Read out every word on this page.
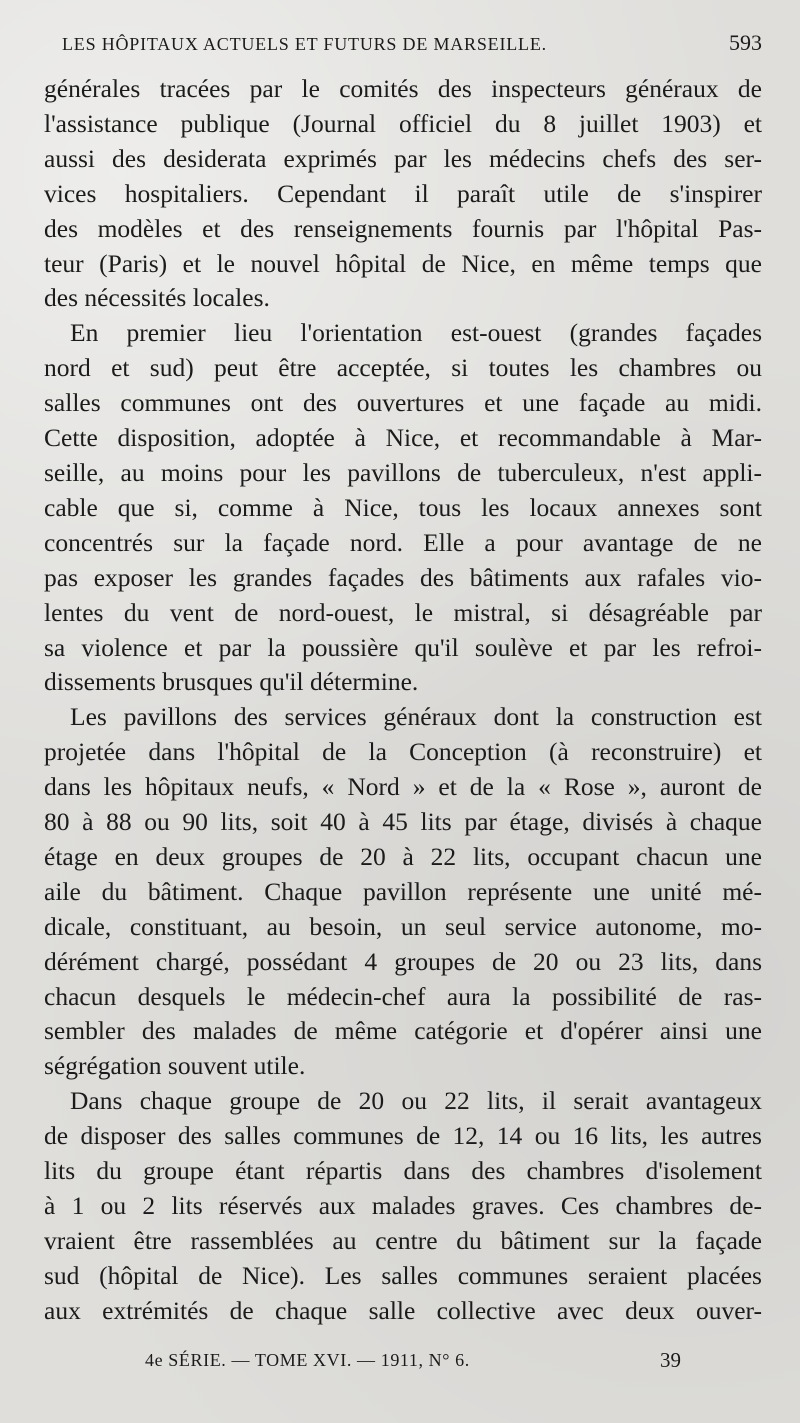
LES HÔPITAUX ACTUELS ET FUTURS DE MARSEILLE.	593

générales tracées par le comités des inspecteurs généraux de

l'assistance publique (Journal officiel du 8 juillet 1903) et

aussi des desiderata exprimés par les médecins chefs des ser-

vices hospitaliers. Cependant il paraît utile de s'inspirer

des modèles et des renseignements fournis par l'hôpital Pas-

teur (Paris) et le nouvel hôpital de Nice, en même temps que

des nécessités locales.

En premier lieu l'orientation est-ouest (grandes façades

nord et sud) peut être acceptée, si toutes les chambres ou

salles communes ont des ouvertures et une façade au midi.

Cette disposition, adoptée à Nice, et recommandable à Mar-

seille, au moins pour les pavillons de tuberculeux, n'est appli-

cable que si, comme à Nice, tous les locaux annexes sont

concentrés sur la façade nord. Elle a pour avantage de ne

pas exposer les grandes façades des bâtiments aux rafales vio-

lentes du vent de nord-ouest, le mistral, si désagréable par

sa violence et par la poussière qu'il soulève et par les refroi-

dissements brusques qu'il détermine.

Les pavillons des services généraux dont la construction est

projetée dans l'hôpital de la Conception (à reconstruire) et

dans les hôpitaux neufs, « Nord » et de la « Rose », auront de

80 à 88 ou 90 lits, soit 40 à 45 lits par étage, divisés à chaque

étage en deux groupes de 20 à 22 lits, occupant chacun une

aile du bâtiment. Chaque pavillon représente une unité mé-

dicale, constituant, au besoin, un seul service autonome, mo-

dérément chargé, possédant 4 groupes de 20 ou 23 lits, dans

chacun desquels le médecin-chef aura la possibilité de ras-

sembler des malades de même catégorie et d'opérer ainsi une

ségrégation souvent utile.

Dans chaque groupe de 20 ou 22 lits, il serait avantageux

de disposer des salles communes de 12, 14 ou 16 lits, les autres

lits du groupe étant répartis dans des chambres d'isolement

à 1 ou 2 lits réservés aux malades graves. Ces chambres de-

vraient être rassemblées au centre du bâtiment sur la façade

sud (hôpital de Nice). Les salles communes seraient placées

aux extrémités de chaque salle collective avec deux ouver-

4e SÉRIE. — TOME XVI. — 1911, N° 6.	39
